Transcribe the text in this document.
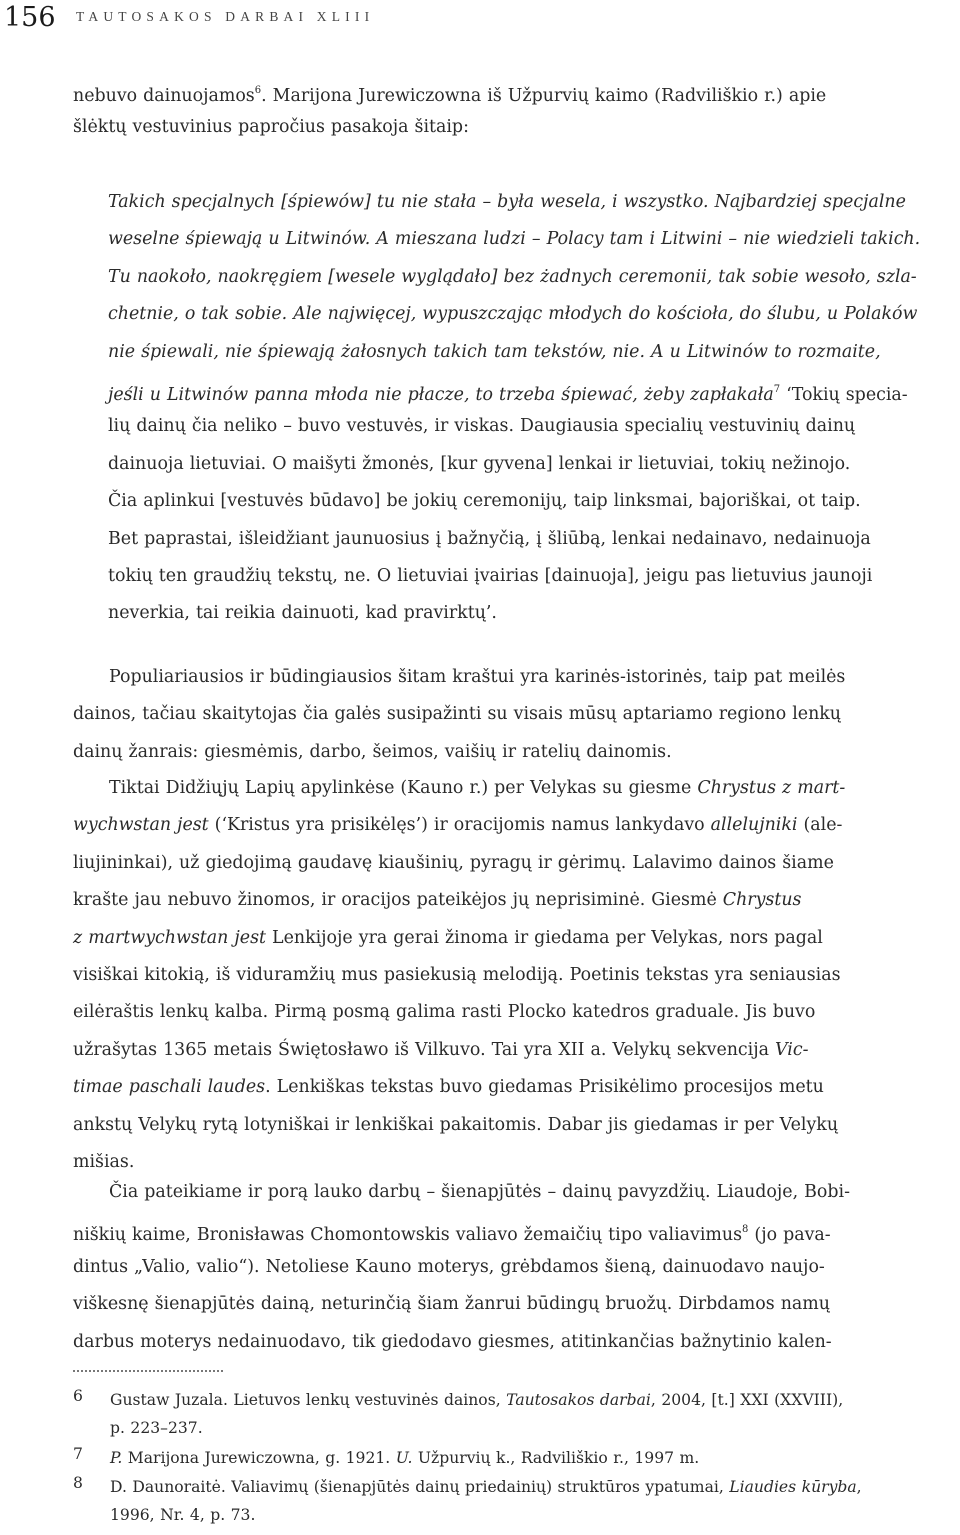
156 TAUTOSAKOS DARBAI XLIII
nebuvo dainuojamos$^6$. Marijona Jurewiczowna iš Užpurvių kaimo (Radviliškio r.) apie
šlėktų vestuvinius papročius pasakoja šitaip:
Takich specjalnych [śpiewów] tu nie stała – była wesela, i wszystko. Najbardziej specjalne
weselne śpiewają u Litwinów. A mieszana ludzi – Polacy tam i Litwini – nie wiedzieli takich.
Tu naokoło, naokręgiem [wesele wyglądało] bez żadnych ceremonii, tak sobie wesoło, szla-
chetnie, o tak sobie. Ale najwięcej, wypuszczając młodych do kościoła, do ślubu, u Polaków
nie śpiewali, nie śpiewają żałosnych takich tam tekstów, nie. A u Litwinów to rozmaite,
jeśli u Litwinów panna młoda nie płacze, to trzeba śpiewać, żeby zapłakała$^7$ ‘Tokių specia-
lių dainų čia neliko – buvo vestuvės, ir viskas. Daugiausia specialių vestuvinių dainų
dainuoja lietuviai. O maišyti žmonės, [kur gyvena] lenkai ir lietuviai, tokių nežinojo.
Čia aplinkui [vestuvės būdavo] be jokių ceremonijų, taip linksmai, bajoriškai, ot taip.
Bet paprastai, išleidžiant jaunuosius į bažnyčią, į šliūbą, lenkai nedainavo, nedainuoja
tokių ten graudžių tekstų, ne. O lietuviai įvairias [dainuoja], jeigu pas lietuvius jaunoji
neverkia, tai reikia dainuoti, kad pravirktų’.
Populiariausios ir būdingiausios šitam kraštui yra karinės-istorinės, taip pat meilės
dainos, tačiau skaitytojas čia galės susipažinti su visais mūsų aptariamo regiono lenkų
dainų žanrais: giesmėmis, darbo, šeimos, vaišių ir ratelių dainomis.
Tiktai Didžiųjų Lapių apylinkėse (Kauno r.) per Velykas su giesme Chrystus z mart-
wychwstan jest (‘Kristus yra prisikėlęs’) ir oracijomis namus lankydavo allelujniki (ale-
liujininkai), už giedojimą gaudavę kiaušinių, pyragų ir gėrimų. Lalavimo dainos šiame
krašte jau nebuvo žinomos, ir oracijos pateikėjos jų neprisiminė. Giesmė Chrystus
z martwychwstan jest Lenkijoje yra gerai žinoma ir giedama per Velykas, nors pagal
visiškai kitokią, iš viduramžių mus pasiekusią melodiją. Poetinis tekstas yra seniausias
eilėraštis lenkų kalba. Pirmą posmą galima rasti Plocko katedros graduale. Jis buvo
užrašytas 1365 metais Świętosławo iš Vilkuvo. Tai yra XII a. Velykų sekvencija Vic-
timae paschali laudes. Lenkiškas tekstas buvo giedamas Prisikėlimo procesijos metu
ankstų Velykų rytą lotyniškai ir lenkiškai pakaitomis. Dabar jis giedamas ir per Velykų
mišias.
Čia pateikiame ir porą lauko darbų – šienapjūtės – dainų pavyzdžių. Liaudoje, Bobi-
niškių kaime, Bronisławas Chomontowskis valiavo žemaičių tipo valiavimus$^8$ (jo pava-
dintus „Valio, valio“). Netoliese Kauno moterys, grėbdamos šieną, dainuodavo naujo-
viškesnę šienapjūtės dainą, neturinčią šiam žanrui būdingų bruožų. Dirbdamos namų
darbus moterys nedainuodavo, tik giedodavo giesmes, atitinkančias bažnytinio kalen-
6 Gustaw Juzala. Lietuvos lenkų vestuvinės dainos, Tautosakos darbai, 2004, [t.] XXI (XXVIII),
p. 223–237.
7 P. Marijona Jurewiczowna, g. 1921. U. Užpurvių k., Radviliškio r., 1997 m.
8 D. Daunoraitė. Valiavimų (šienapjūtės dainų priedainių) struktūros ypatumai, Liaudies kūryba,
1996, Nr. 4, p. 73.
